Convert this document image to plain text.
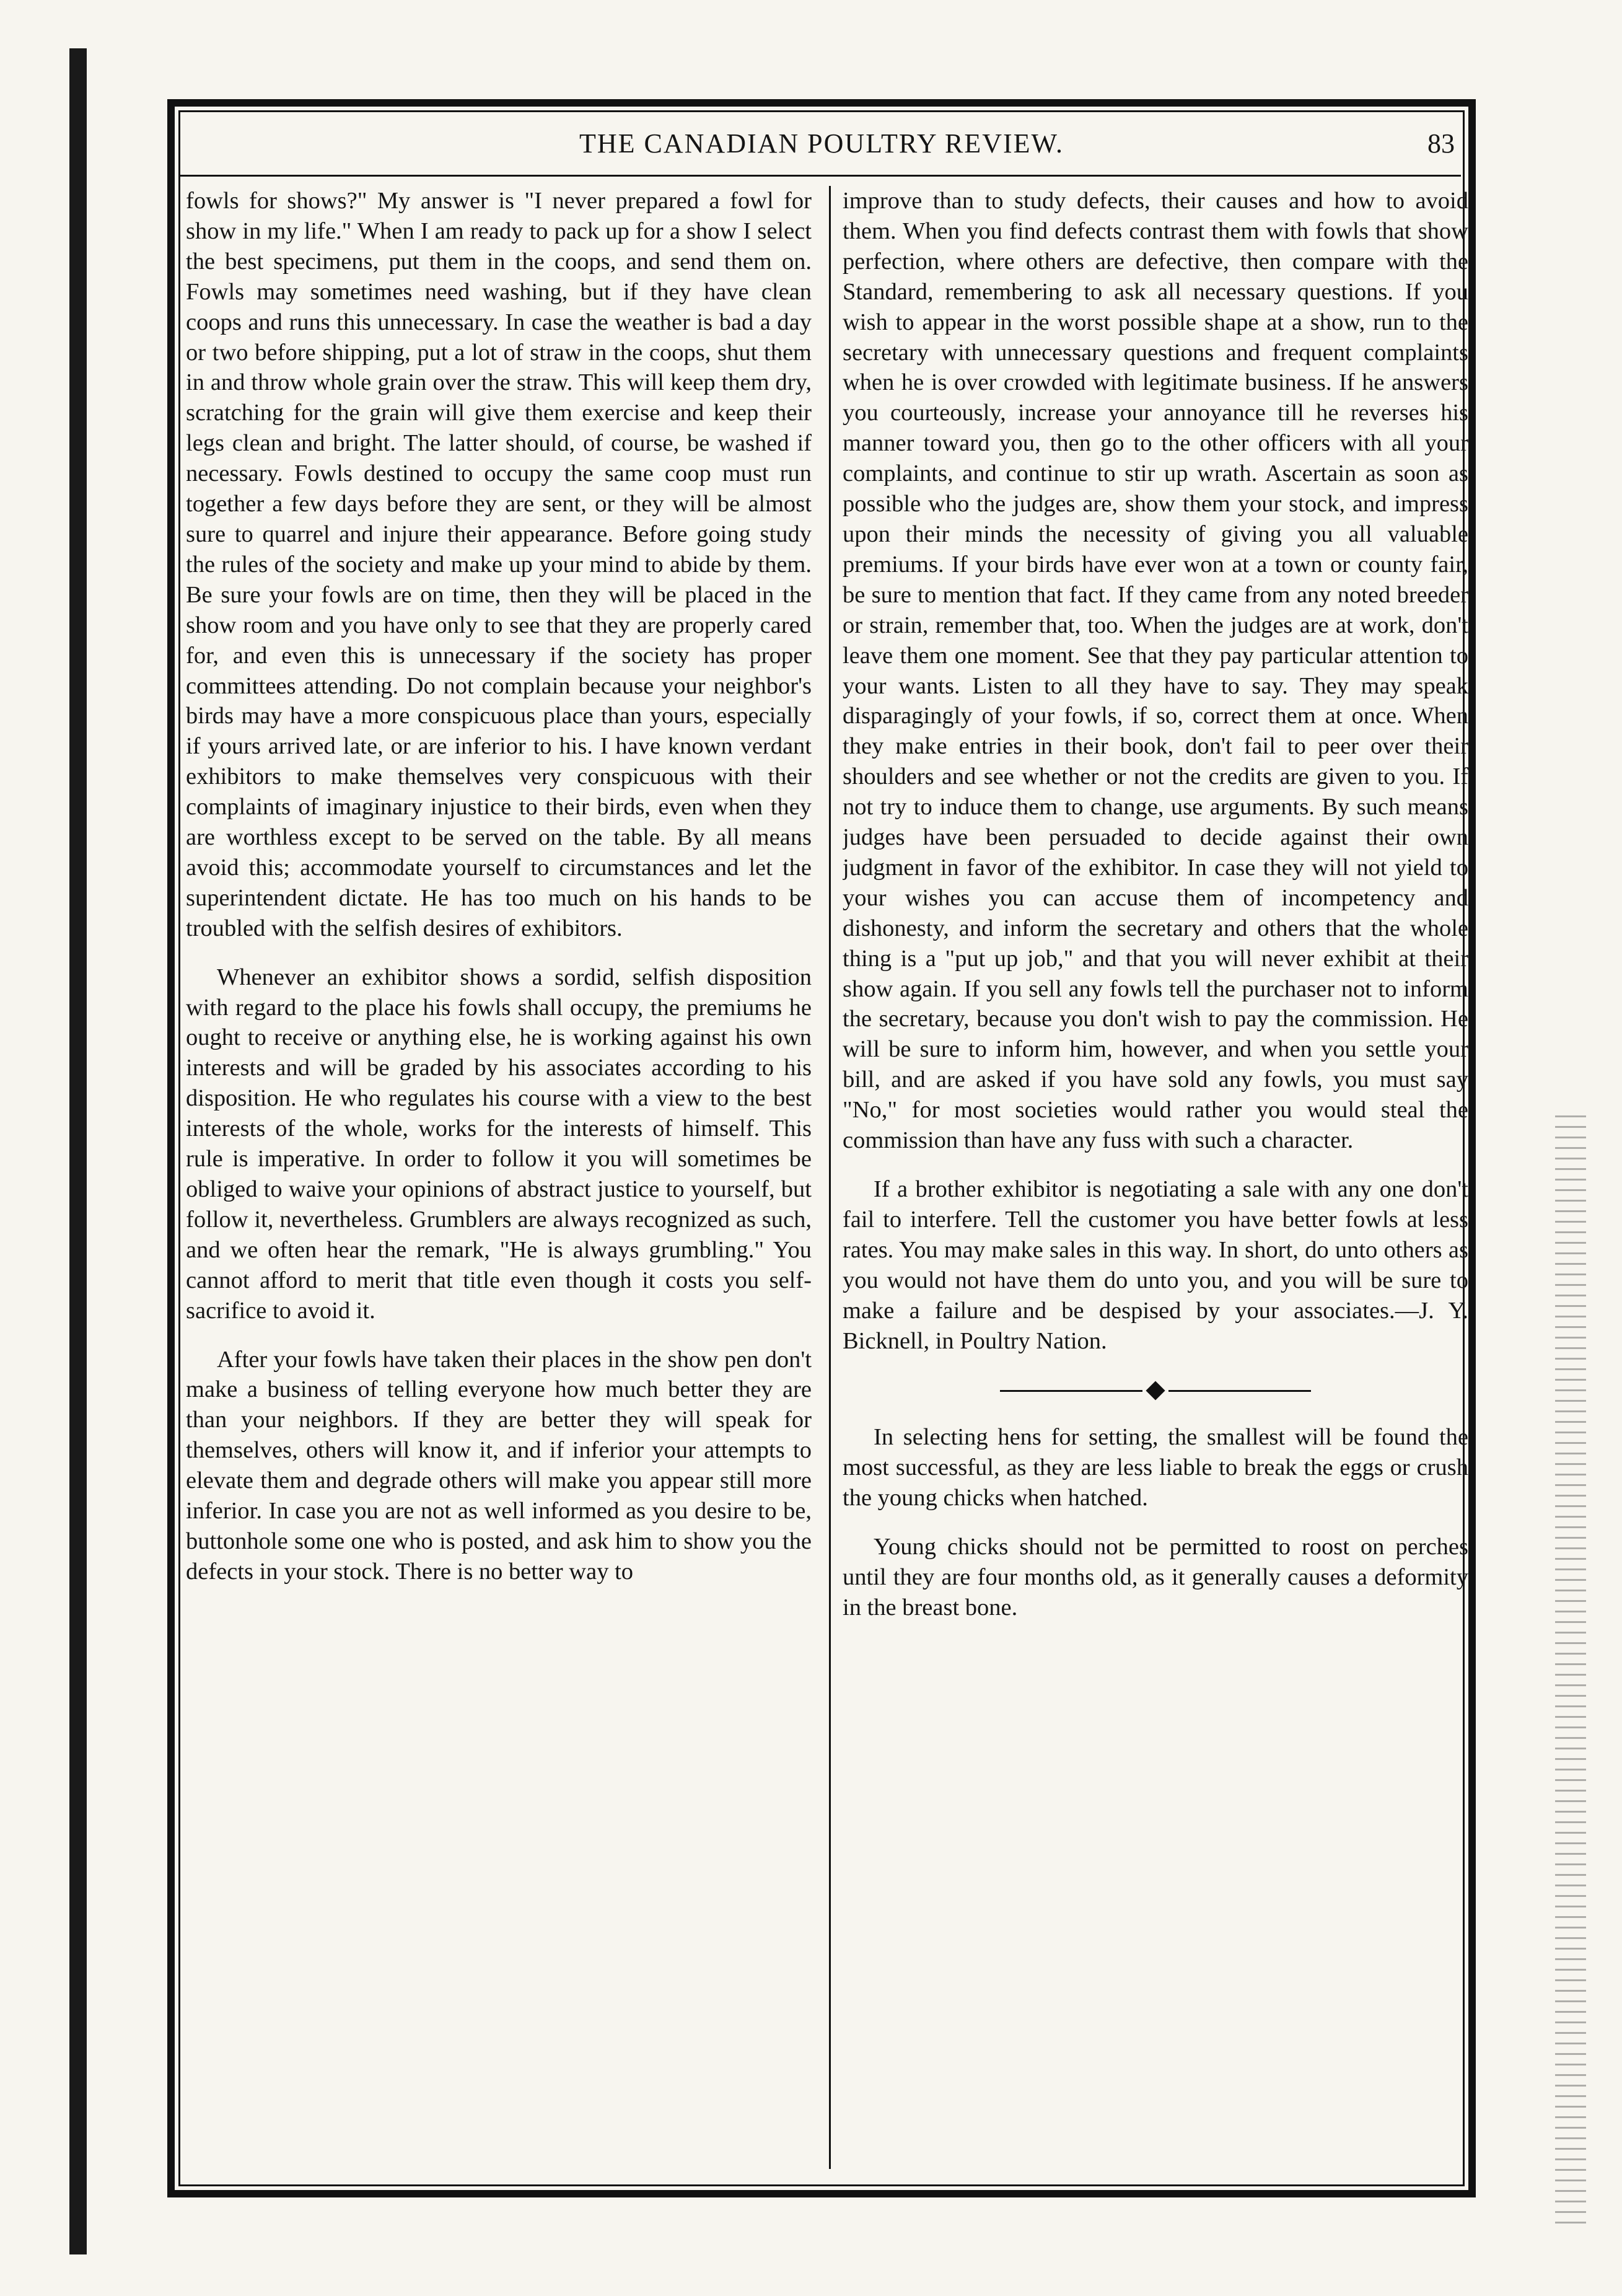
THE CANADIAN POULTRY REVIEW.	83

fowls for shows?" My answer is "I never prepared a fowl for show in my life." When I am ready to pack up for a show I select the best specimens, put them in the coops, and send them on. Fowls may sometimes need washing, but if they have clean coops and runs this unnecessary. In case the weather is bad a day or two before shipping, put a lot of straw in the coops, shut them in and throw whole grain over the straw. This will keep them dry, scratching for the grain will give them exercise and keep their legs clean and bright. The latter should, of course, be washed if necessary. Fowls destined to occupy the same coop must run together a few days before they are sent, or they will be almost sure to quarrel and injure their appearance. Before going study the rules of the society and make up your mind to abide by them. Be sure your fowls are on time, then they will be placed in the show room and you have only to see that they are properly cared for, and even this is unnecessary if the society has proper committees attending. Do not complain because your neighbor's birds may have a more conspicuous place than yours, especially if yours arrived late, or are inferior to his. I have known verdant exhibitors to make themselves very conspicuous with their complaints of imaginary injustice to their birds, even when they are worthless except to be served on the table. By all means avoid this; accommodate yourself to circumstances and let the superintendent dictate. He has too much on his hands to be troubled with the selfish desires of exhibitors.

Whenever an exhibitor shows a sordid, selfish disposition with regard to the place his fowls shall occupy, the premiums he ought to receive or anything else, he is working against his own interests and will be graded by his associates according to his disposition. He who regulates his course with a view to the best interests of the whole, works for the interests of himself. This rule is imperative. In order to follow it you will sometimes be obliged to waive your opinions of abstract justice to yourself, but follow it, nevertheless. Grumblers are always recognized as such, and we often hear the remark, "He is always grumbling." You cannot afford to merit that title even though it costs you self-sacrifice to avoid it.

After your fowls have taken their places in the show pen don't make a business of telling everyone how much better they are than your neighbors. If they are better they will speak for themselves, others will know it, and if inferior your attempts to elevate them and degrade others will make you appear still more inferior. In case you are not as well informed as you desire to be, buttonhole some one who is posted, and ask him to show you the defects in your stock. There is no better way to

improve than to study defects, their causes and how to avoid them. When you find defects contrast them with fowls that show perfection, where others are defective, then compare with the Standard, remembering to ask all necessary questions. If you wish to appear in the worst possible shape at a show, run to the secretary with unnecessary questions and frequent complaints when he is over crowded with legitimate business. If he answers you courteously, increase your annoyance till he reverses his manner toward you, then go to the other officers with all your complaints, and continue to stir up wrath. Ascertain as soon as possible who the judges are, show them your stock, and impress upon their minds the necessity of giving you all valuable premiums. If your birds have ever won at a town or county fair, be sure to mention that fact. If they came from any noted breeder or strain, remember that, too. When the judges are at work, don't leave them one moment. See that they pay particular attention to your wants. Listen to all they have to say. They may speak disparagingly of your fowls, if so, correct them at once. When they make entries in their book, don't fail to peer over their shoulders and see whether or not the credits are given to you. If not try to induce them to change, use arguments. By such means judges have been persuaded to decide against their own judgment in favor of the exhibitor. In case they will not yield to your wishes you can accuse them of incompetency and dishonesty, and inform the secretary and others that the whole thing is a "put up job," and that you will never exhibit at their show again. If you sell any fowls tell the purchaser not to inform the secretary, because you don't wish to pay the commission. He will be sure to inform him, however, and when you settle your bill, and are asked if you have sold any fowls, you must say "No," for most societies would rather you would steal the commission than have any fuss with such a character.

If a brother exhibitor is negotiating a sale with any one don't fail to interfere. Tell the customer you have better fowls at less rates. You may make sales in this way. In short, do unto others as you would not have them do unto you, and you will be sure to make a failure and be despised by your associates.—J. Y. Bicknell, in Poultry Nation.

In selecting hens for setting, the smallest will be found the most successful, as they are less liable to break the eggs or crush the young chicks when hatched.

Young chicks should not be permitted to roost on perches until they are four months old, as it generally causes a deformity in the breast bone.
